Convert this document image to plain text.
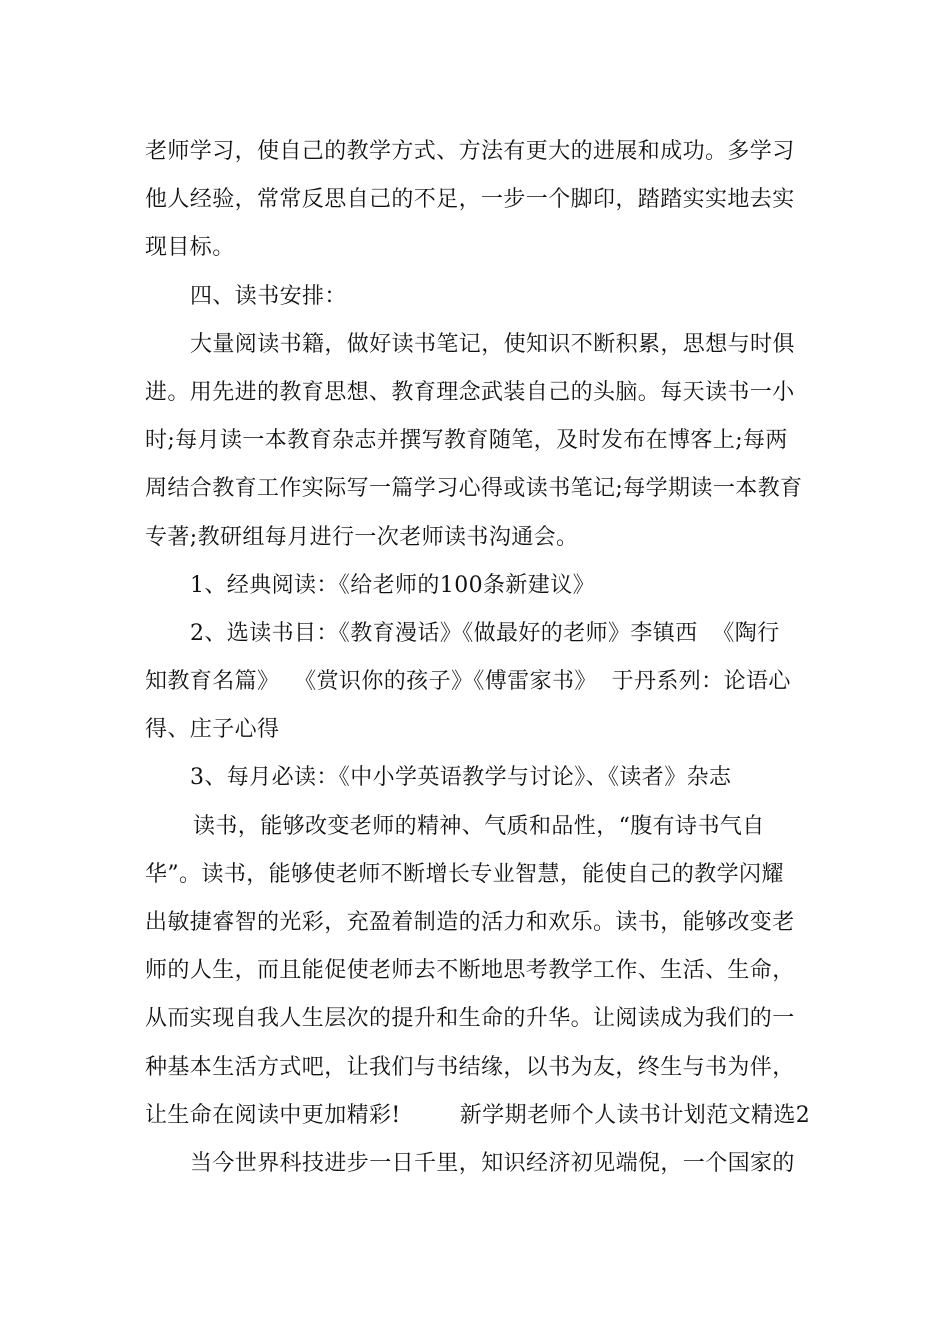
老师学习，使自己的教学方式、方法有更大的进展和成功。多学习
他人经验，常常反思自己的不足，一步一个脚印，踏踏实实地去实
现目标。
四、读书安排：
大量阅读书籍，做好读书笔记，使知识不断积累，思想与时俱
进。用先进的教育思想、教育理念武装自己的头脑。每天读书一小
时;每月读一本教育杂志并撰写教育随笔，及时发布在博客上;每两
周结合教育工作实际写一篇学习心得或读书笔记;每学期读一本教育
专著;教研组每月进行一次老师读书沟通会。
1、经典阅读：《给老师的100条新建议》
2、选读书目：《教育漫话》《做最好的老师》李镇西  《陶行
知教育名篇》  《赏识你的孩子》《傅雷家书》  于丹系列：论语心
得、庄子心得
3、每月必读：《中小学英语教学与讨论》、《读者》杂志
读书，能够改变老师的精神、气质和品性，“腹有诗书气自
华”。读书，能够使老师不断增长专业智慧，能使自己的教学闪耀
出敏捷睿智的光彩，充盈着制造的活力和欢乐。读书，能够改变老
师的人生，而且能促使老师去不断地思考教学工作、生活、生命，
从而实现自我人生层次的提升和生命的升华。让阅读成为我们的一
种基本生活方式吧，让我们与书结缘，以书为友，终生与书为伴，
让生命在阅读中更加精彩!        新学期老师个人读书计划范文精选2
当今世界科技进步一日千里，知识经济初见端倪，一个国家的
